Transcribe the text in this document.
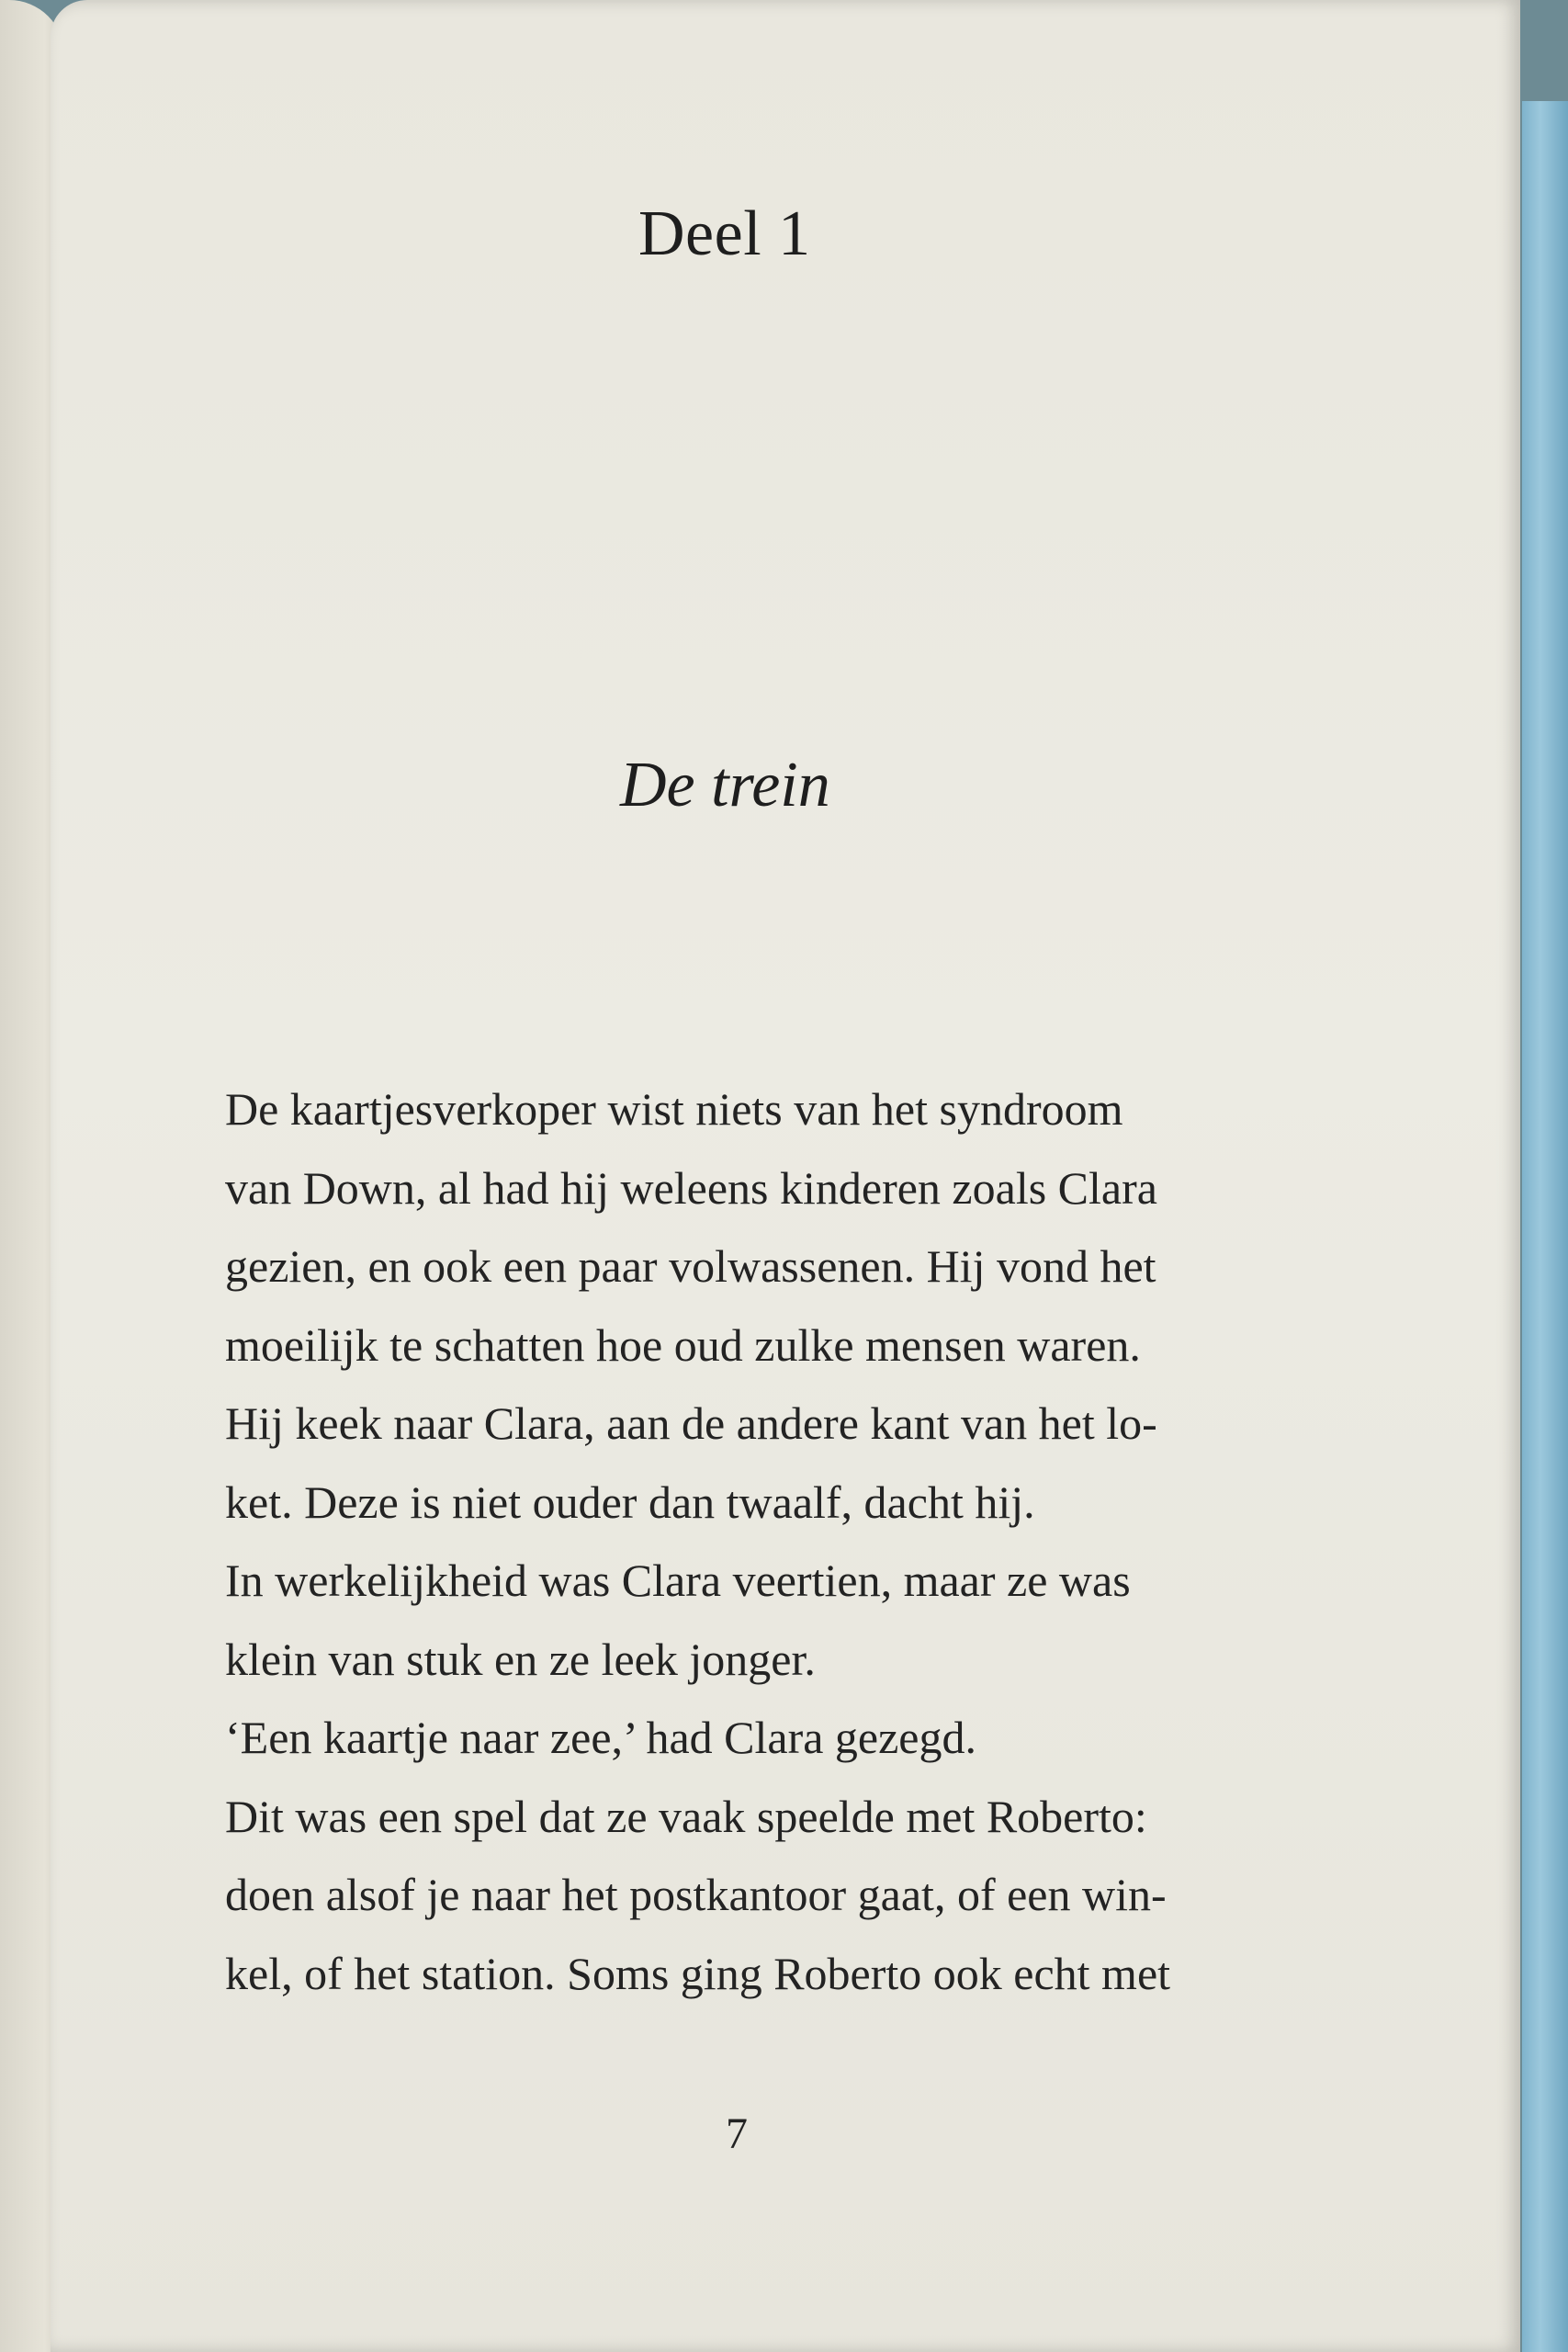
Deel 1
De trein

De kaartjesverkoper wist niets van het syndroom
van Down, al had hij weleens kinderen zoals Clara
gezien, en ook een paar volwassenen. Hij vond het
moeilijk te schatten hoe oud zulke mensen waren.
Hij keek naar Clara, aan de andere kant van het lo-
ket. Deze is niet ouder dan twaalf, dacht hij.
In werkelijkheid was Clara veertien, maar ze was
klein van stuk en ze leek jonger.
‘Een kaartje naar zee,’ had Clara gezegd.
Dit was een spel dat ze vaak speelde met Roberto:
doen alsof je naar het postkantoor gaat, of een win-
kel, of het station. Soms ging Roberto ook echt met

7
